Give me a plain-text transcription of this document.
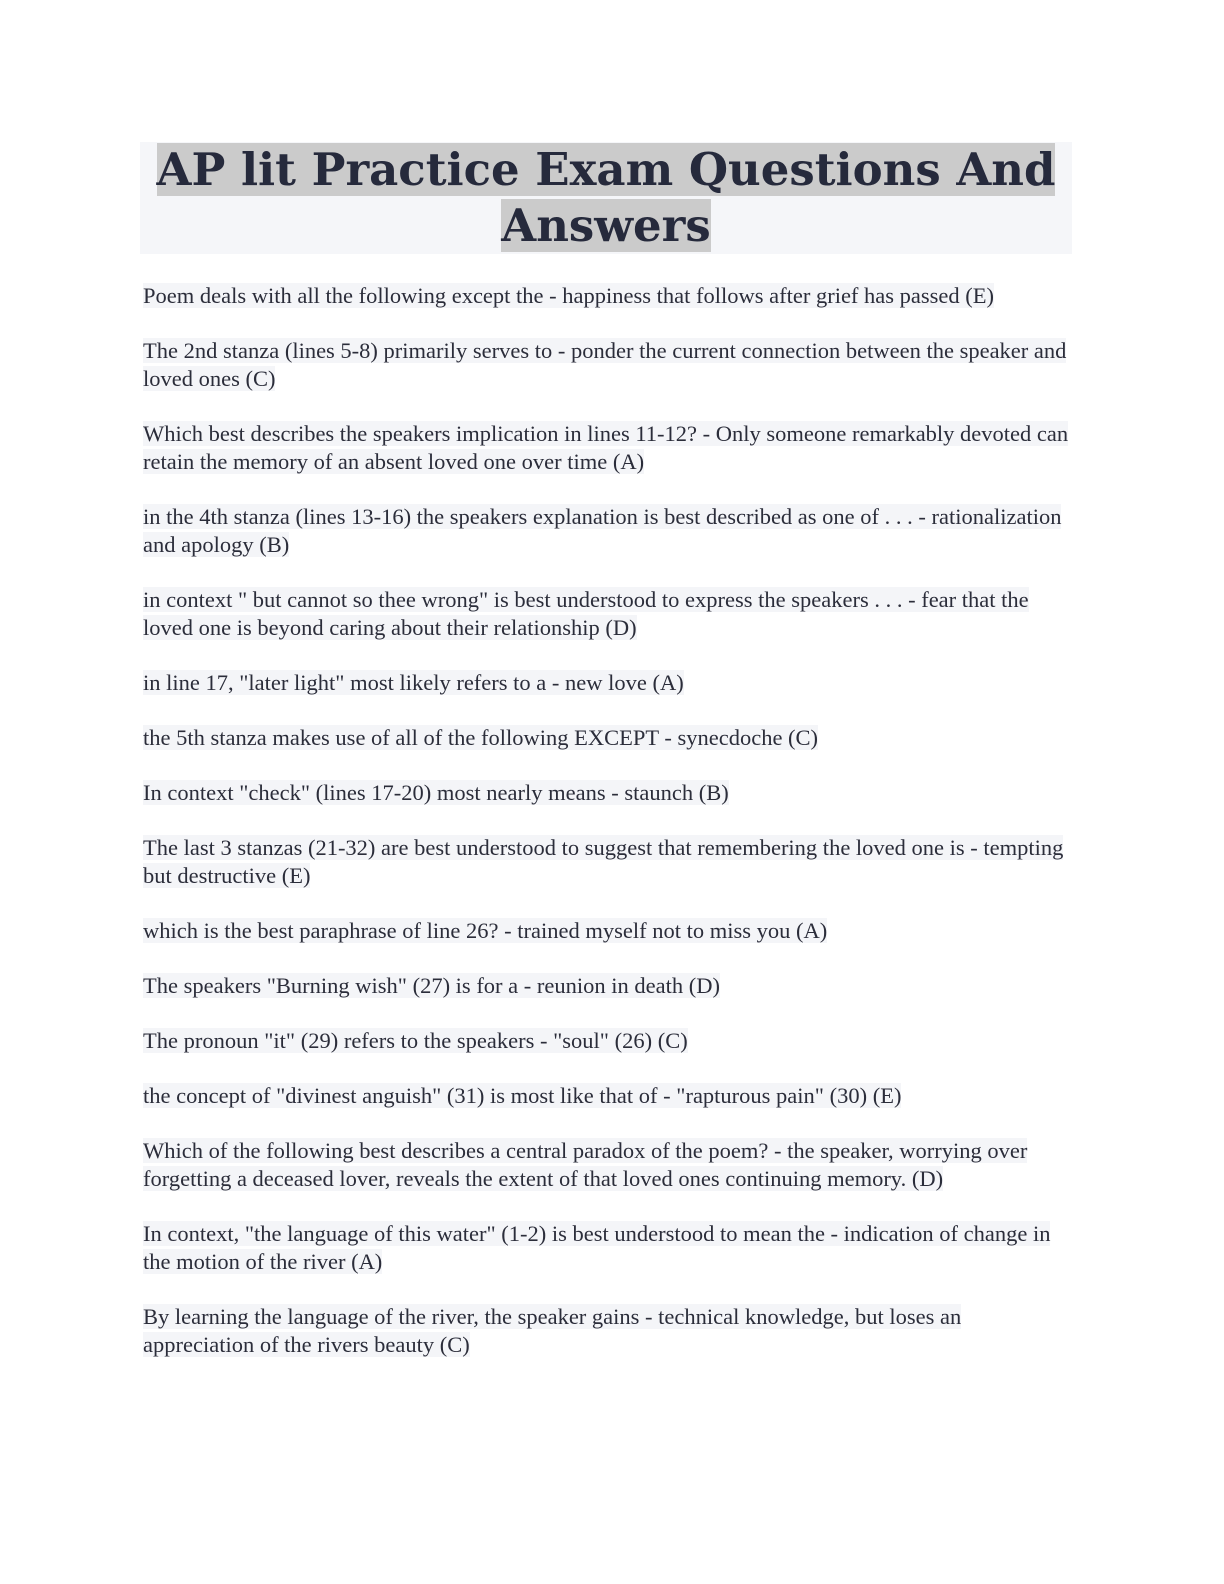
AP lit Practice Exam Questions And
Answers

Poem deals with all the following except the - happiness that follows after grief has passed (E)

The 2nd stanza (lines 5-8) primarily serves to - ponder the current connection between the speaker and loved ones (C)

Which best describes the speakers implication in lines 11-12? - Only someone remarkably devoted can retain the memory of an absent loved one over time (A)

in the 4th stanza (lines 13-16) the speakers explanation is best described as one of . . . - rationalization and apology (B)

in context " but cannot so thee wrong" is best understood to express the speakers . . . - fear that the loved one is beyond caring about their relationship (D)

in line 17, "later light" most likely refers to a - new love (A)

the 5th stanza makes use of all of the following EXCEPT - synecdoche (C)

In context "check" (lines 17-20) most nearly means - staunch (B)

The last 3 stanzas (21-32) are best understood to suggest that remembering the loved one is - tempting but destructive (E)

which is the best paraphrase of line 26? - trained myself not to miss you (A)

The speakers "Burning wish" (27) is for a - reunion in death (D)

The pronoun "it" (29) refers to the speakers - "soul" (26) (C)

the concept of "divinest anguish" (31) is most like that of - "rapturous pain" (30) (E)

Which of the following best describes a central paradox of the poem? - the speaker, worrying over forgetting a deceased lover, reveals the extent of that loved ones continuing memory. (D)

In context, "the language of this water" (1-2) is best understood to mean the - indication of change in the motion of the river (A)

By learning the language of the river, the speaker gains - technical knowledge, but loses an appreciation of the rivers beauty (C)
